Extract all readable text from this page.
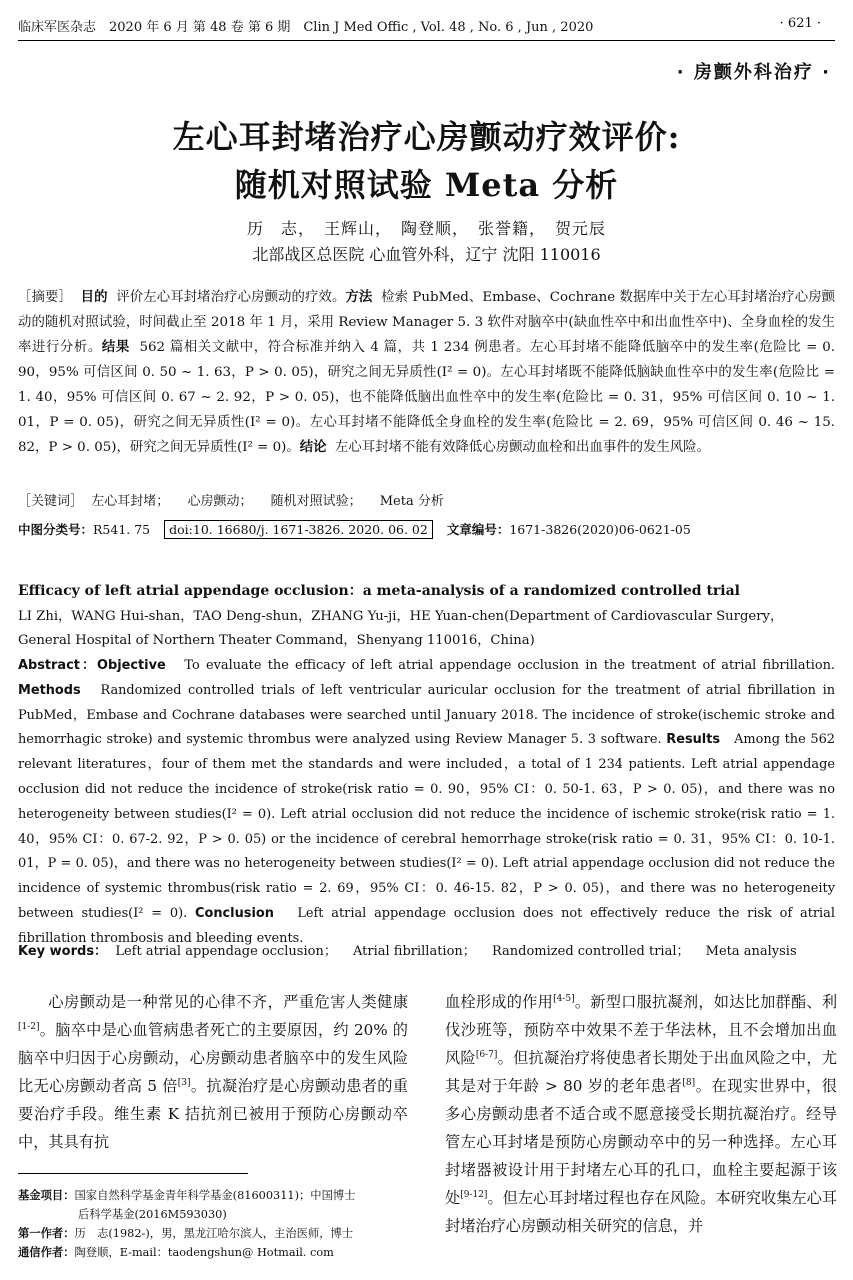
临床军医杂志　2020 年 6 月 第 48 卷 第 6 期　Clin J Med Offic , Vol. 48 , No. 6 , Jun , 2020	· 621 ·
· 房颤外科治疗 ·
左心耳封堵治疗心房颤动疗效评价:
随机对照试验 Meta 分析
历　志，　王辉山，　陶登顺，　张誉籍，　贺元辰
北部战区总医院 心血管外科，辽宁 沈阳 110016

［摘要］ 目的 评价左心耳封堵治疗心房颤动的疗效。方法 检索 PubMed、Embase、Cochrane 数据库中关于左心耳封堵治疗心房颤动的随机对照试验，时间截止至 2018 年 1 月，采用 Review Manager 5. 3 软件对脑卒中(缺血性卒中和出血性卒中)、全身血栓的发生率进行分析。结果 562 篇相关文献中，符合标准并纳入 4 篇，共 1 234 例患者。左心耳封堵不能降低脑卒中的发生率(危险比 = 0. 90，95% 可信区间 0. 50 ~ 1. 63，P > 0. 05)，研究之间无异质性(I² = 0)。左心耳封堵既不能降低脑缺血性卒中的发生率(危险比 = 1. 40，95% 可信区间 0. 67 ~ 2. 92，P > 0. 05)，也不能降低脑出血性卒中的发生率(危险比 = 0. 31，95% 可信区间 0. 10 ~ 1. 01，P = 0. 05)，研究之间无异质性(I² = 0)。左心耳封堵不能降低全身血栓的发生率(危险比 = 2. 69，95% 可信区间 0. 46 ~ 15. 82，P > 0. 05)，研究之间无异质性(I² = 0)。结论 左心耳封堵不能有效降低心房颤动血栓和出血事件的发生风险。

［关键词］ 左心耳封堵； 心房颤动； 随机对照试验； Meta 分析

中图分类号：R541. 75 doi:10. 16680/j. 1671-3826. 2020. 06. 02 文章编号：1671-3826(2020)06-0621-05

Efficacy of left atrial appendage occlusion：a meta-analysis of a randomized controlled trial

LI Zhi，WANG Hui-shan，TAO Deng-shun，ZHANG Yu-ji，HE Yuan-chen(Department of Cardiovascular Surgery，General Hospital of Northern Theater Command，Shenyang 110016，China)

Abstract：Objective To evaluate the efficacy of left atrial appendage occlusion in the treatment of atrial fibrillation. Methods Randomized controlled trials of left ventricular auricular occlusion for the treatment of atrial fibrillation in PubMed，Embase and Cochrane databases were searched until January 2018. The incidence of stroke(ischemic stroke and hemorrhagic stroke) and systemic thrombus were analyzed using Review Manager 5. 3 software. Results Among the 562 relevant literatures，four of them met the standards and were included，a total of 1 234 patients. Left atrial appendage occlusion did not reduce the incidence of stroke(risk ratio = 0. 90，95% CI：0. 50-1. 63，P > 0. 05)，and there was no heterogeneity between studies(I² = 0). Left atrial occlusion did not reduce the incidence of ischemic stroke(risk ratio = 1. 40，95% CI：0. 67-2. 92，P > 0. 05) or the incidence of cerebral hemorrhage stroke(risk ratio = 0. 31，95% CI：0. 10-1. 01，P = 0. 05)，and there was no heterogeneity between studies(I² = 0). Left atrial appendage occlusion did not reduce the incidence of systemic thrombus(risk ratio = 2. 69，95% CI：0. 46-15. 82，P > 0. 05)，and there was no heterogeneity between studies(I² = 0). Conclusion Left atrial appendage occlusion does not effectively reduce the risk of atrial fibrillation thrombosis and bleeding events.

Key words： Left atrial appendage occlusion； Atrial fibrillation； Randomized controlled trial； Meta analysis

心房颤动是一种常见的心律不齐，严重危害人类健康[1-2]。脑卒中是心血管病患者死亡的主要原因，约 20% 的脑卒中归因于心房颤动，心房颤动患者脑卒中的发生风险比无心房颤动者高 5 倍[3]。抗凝治疗是心房颤动患者的重要治疗手段。维生素 K 拮抗剂已被用于预防心房颤动卒中，其具有抗

血栓形成的作用[4-5]。新型口服抗凝剂，如达比加群酯、利伐沙班等，预防卒中效果不差于华法林，且不会增加出血风险[6-7]。但抗凝治疗将使患者长期处于出血风险之中，尤其是对于年龄 > 80 岁的老年患者[8]。在现实世界中，很多心房颤动患者不适合或不愿意接受长期抗凝治疗。经导管左心耳封堵是预防心房颤动卒中的另一种选择。左心耳封堵器被设计用于封堵左心耳的孔口，血栓主要起源于该处[9-12]。但左心耳封堵过程也存在风险。本研究收集左心耳封堵治疗心房颤动相关研究的信息，并

基金项目：国家自然科学基金青年科学基金(81600311)；中国博士

后科学基金(2016M593030)

第一作者：历　志(1982-)，男，黑龙江哈尔滨人，主治医师，博士

通信作者：陶登顺，E-mail：taodengshun@ Hotmail. com
